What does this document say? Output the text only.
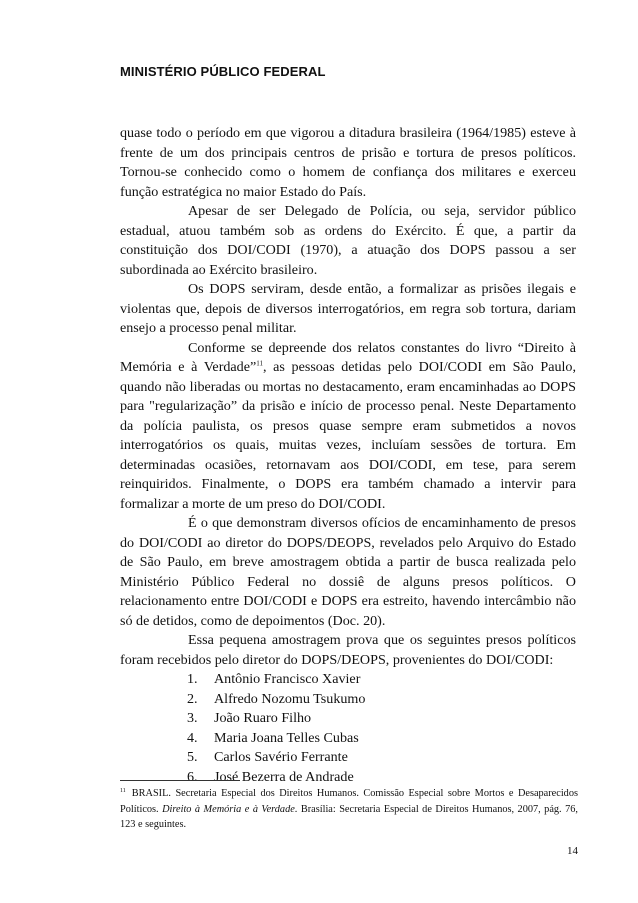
MINISTÉRIO PÚBLICO FEDERAL

quase todo o período em que vigorou a ditadura brasileira (1964/1985) esteve à frente de um dos principais centros de prisão e tortura de presos políticos. Tornou-se conhecido como o homem de confiança dos militares e exerceu função estratégica no maior Estado do País.

Apesar de ser Delegado de Polícia, ou seja, servidor público estadual, atuou também sob as ordens do Exército. É que, a partir da constituição dos DOI/CODI (1970), a atuação dos DOPS passou a ser subordinada ao Exército brasileiro.

Os DOPS serviram, desde então, a formalizar as prisões ilegais e violentas que, depois de diversos interrogatórios, em regra sob tortura, dariam ensejo a processo penal militar.

Conforme se depreende dos relatos constantes do livro “Direito à Memória e à Verdade”$^{11}$, as pessoas detidas pelo DOI/CODI em São Paulo, quando não liberadas ou mortas no destacamento, eram encaminhadas ao DOPS para "regularização” da prisão e início de processo penal. Neste Departamento da polícia paulista, os presos quase sempre eram submetidos a novos interrogatórios os quais, muitas vezes, incluíam sessões de tortura. Em determinadas ocasiões, retornavam aos DOI/CODI, em tese, para serem reinquiridos. Finalmente, o DOPS era também chamado a intervir para formalizar a morte de um preso do DOI/CODI.

É o que demonstram diversos ofícios de encaminhamento de presos do DOI/CODI ao diretor do DOPS/DEOPS, revelados pelo Arquivo do Estado de São Paulo, em breve amostragem obtida a partir de busca realizada pelo Ministério Público Federal no dossiê de alguns presos políticos. O relacionamento entre DOI/CODI e DOPS era estreito, havendo intercâmbio não só de detidos, como de depoimentos (Doc. 20).

Essa pequena amostragem prova que os seguintes presos políticos foram recebidos pelo diretor do DOPS/DEOPS, provenientes do DOI/CODI:

1.	Antônio Francisco Xavier
2.	Alfredo Nozomu Tsukumo
3.	João Ruaro Filho
4.	Maria Joana Telles Cubas
5.	Carlos Savério Ferrante
6.	José Bezerra de Andrade
$^{11}$ BRASIL. Secretaria Especial dos Direitos Humanos. Comissão Especial sobre Mortos e Desaparecidos Políticos. Direito à Memória e à Verdade. Brasília: Secretaria Especial de Direitos Humanos, 2007, pág. 76, 123 e seguintes.
14
